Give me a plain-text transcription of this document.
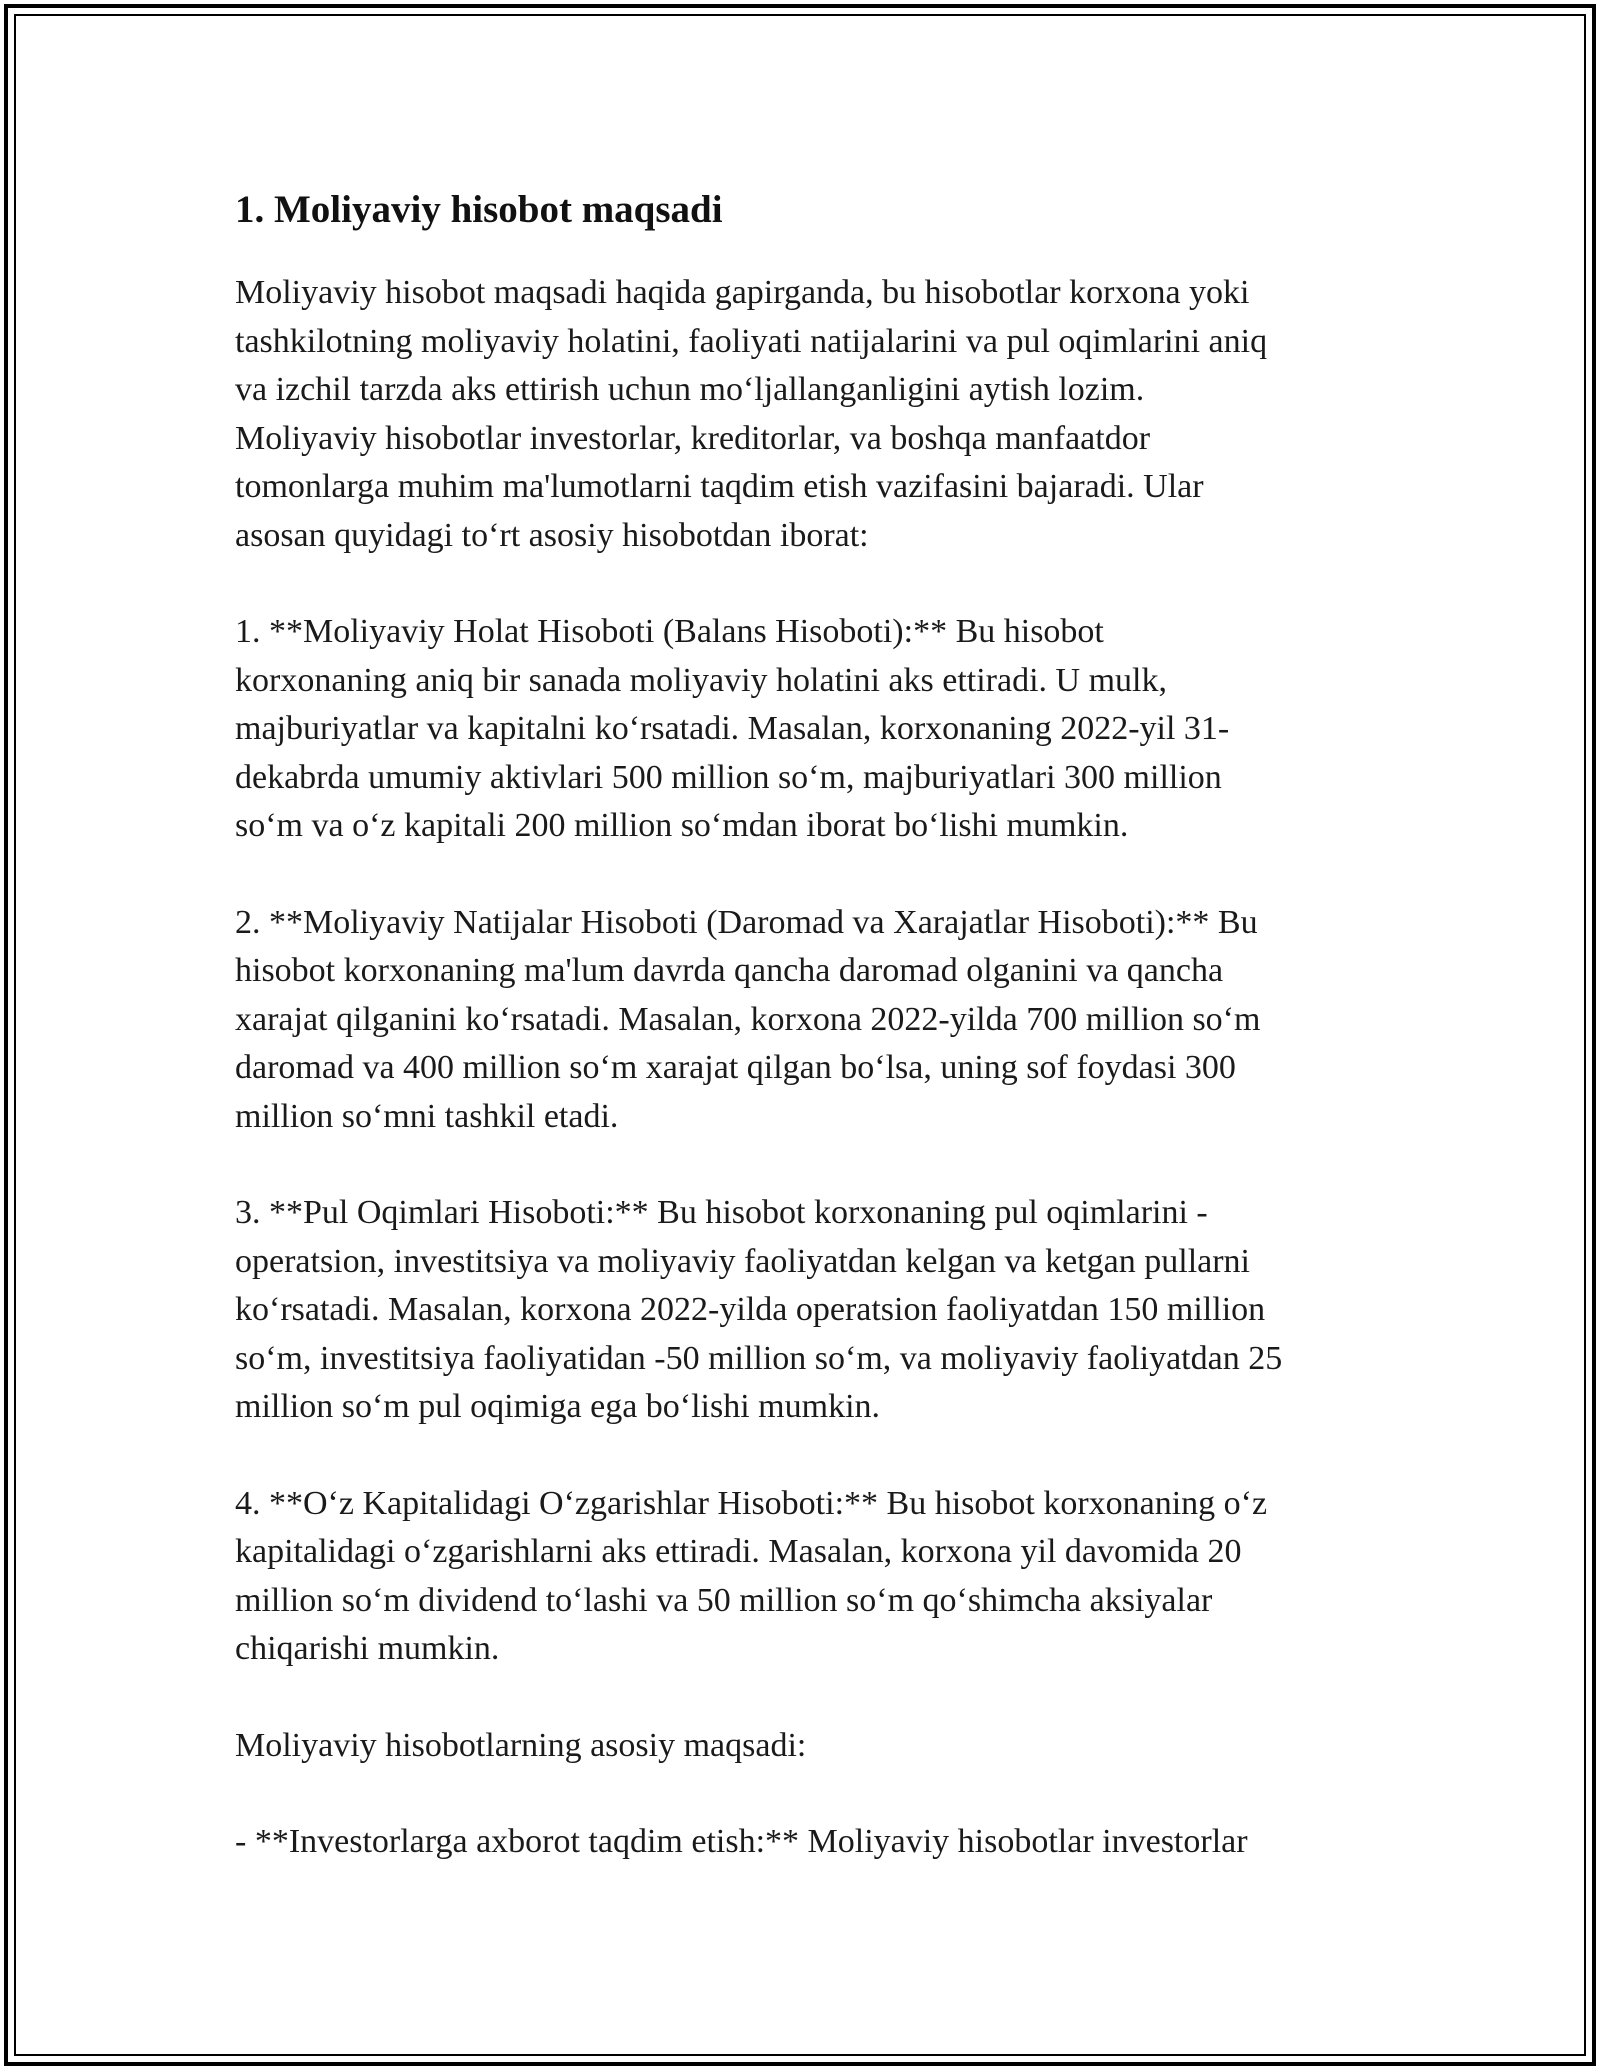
1. Moliyaviy hisobot maqsadi

Moliyaviy hisobot maqsadi haqida gapirganda, bu hisobotlar korxona yoki
tashkilotning moliyaviy holatini, faoliyati natijalarini va pul oqimlarini aniq
va izchil tarzda aks ettirish uchun moʻljallanganligini aytish lozim.
Moliyaviy hisobotlar investorlar, kreditorlar, va boshqa manfaatdor
tomonlarga muhim ma'lumotlarni taqdim etish vazifasini bajaradi. Ular
asosan quyidagi toʻrt asosiy hisobotdan iborat:

1. **Moliyaviy Holat Hisoboti (Balans Hisoboti):** Bu hisobot
korxonaning aniq bir sanada moliyaviy holatini aks ettiradi. U mulk,
majburiyatlar va kapitalni koʻrsatadi. Masalan, korxonaning 2022-yil 31-
dekabrda umumiy aktivlari 500 million soʻm, majburiyatlari 300 million
soʻm va oʻz kapitali 200 million soʻmdan iborat boʻlishi mumkin.

2. **Moliyaviy Natijalar Hisoboti (Daromad va Xarajatlar Hisoboti):** Bu
hisobot korxonaning ma'lum davrda qancha daromad olganini va qancha
xarajat qilganini koʻrsatadi. Masalan, korxona 2022-yilda 700 million soʻm
daromad va 400 million soʻm xarajat qilgan boʻlsa, uning sof foydasi 300
million soʻmni tashkil etadi.

3. **Pul Oqimlari Hisoboti:** Bu hisobot korxonaning pul oqimlarini -
operatsion, investitsiya va moliyaviy faoliyatdan kelgan va ketgan pullarni
koʻrsatadi. Masalan, korxona 2022-yilda operatsion faoliyatdan 150 million
soʻm, investitsiya faoliyatidan -50 million soʻm, va moliyaviy faoliyatdan 25
million soʻm pul oqimiga ega boʻlishi mumkin.

4. **Oʻz Kapitalidagi Oʻzgarishlar Hisoboti:** Bu hisobot korxonaning oʻz
kapitalidagi oʻzgarishlarni aks ettiradi. Masalan, korxona yil davomida 20
million soʻm dividend toʻlashi va 50 million soʻm qoʻshimcha aksiyalar
chiqarishi mumkin.

Moliyaviy hisobotlarning asosiy maqsadi:

- **Investorlarga axborot taqdim etish:** Moliyaviy hisobotlar investorlar
